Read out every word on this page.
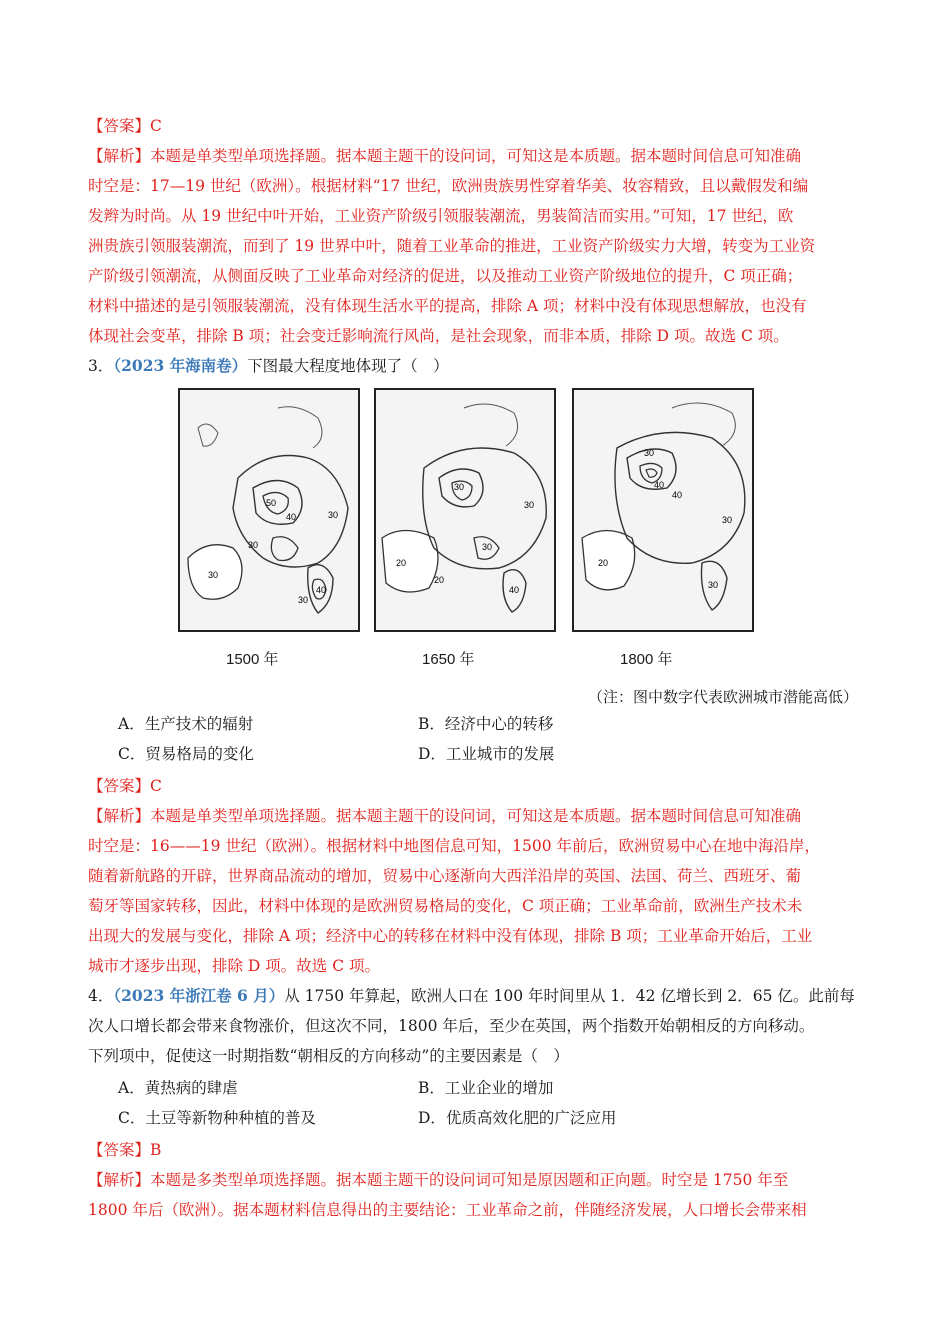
【答案】C
【解析】本题是单类型单项选择题。据本题主题干的设问词，可知这是本质题。据本题时间信息可知准确
时空是：17—19 世纪（欧洲）。根据材料“17 世纪，欧洲贵族男性穿着华美、妆容精致，且以戴假发和编
发辫为时尚。从 19 世纪中叶开始，工业资产阶级引领服装潮流，男装简洁而实用。”可知，17 世纪，欧
洲贵族引领服装潮流，而到了 19 世界中叶，随着工业革命的推进，工业资产阶级实力大增，转变为工业资
产阶级引领潮流，从侧面反映了工业革命对经济的促进，以及推动工业资产阶级地位的提升，C 项正确；
材料中描述的是引领服装潮流，没有体现生活水平的提高，排除 A 项；材料中没有体现思想解放，也没有
体现社会变革，排除 B 项；社会变迁影响流行风尚，是社会现象，而非本质，排除 D 项。故选 C 项。
3．（2023 年海南卷）下图最大程度地体现了（　）
50
40	30
30
30
30
40
20
30
30
20
30
40
30
40
40
30
20
30
1500 年	1650 年	1800 年
（注：图中数字代表欧洲城市潜能高低）
A．生产技术的辐射	B．经济中心的转移
C．贸易格局的变化	D．工业城市的发展
【答案】C
【解析】本题是单类型单项选择题。据本题主题干的设问词，可知这是本质题。据本题时间信息可知准确
时空是：16——19 世纪（欧洲）。根据材料中地图信息可知，1500 年前后，欧洲贸易中心在地中海沿岸，
随着新航路的开辟，世界商品流动的增加，贸易中心逐渐向大西洋沿岸的英国、法国、荷兰、西班牙、葡
萄牙等国家转移，因此，材料中体现的是欧洲贸易格局的变化，C 项正确；工业革命前，欧洲生产技术未
出现大的发展与变化，排除 A 项；经济中心的转移在材料中没有体现，排除 B 项；工业革命开始后，工业
城市才逐步出现，排除 D 项。故选 C 项。
4．（2023 年浙江卷 6 月）从 1750 年算起，欧洲人口在 100 年时间里从 1．42 亿增长到 2．65 亿。此前每
次人口增长都会带来食物涨价，但这次不同，1800 年后，至少在英国，两个指数开始朝相反的方向移动。
下列项中，促使这一时期指数“朝相反的方向移动”的主要因素是（　）
A．黄热病的肆虐	B．工业企业的增加
C．土豆等新物种种植的普及	D．优质高效化肥的广泛应用
【答案】B
【解析】本题是多类型单项选择题。据本题主题干的设问词可知是原因题和正向题。时空是 1750 年至
1800 年后（欧洲）。据本题材料信息得出的主要结论：工业革命之前，伴随经济发展，人口增长会带来相
